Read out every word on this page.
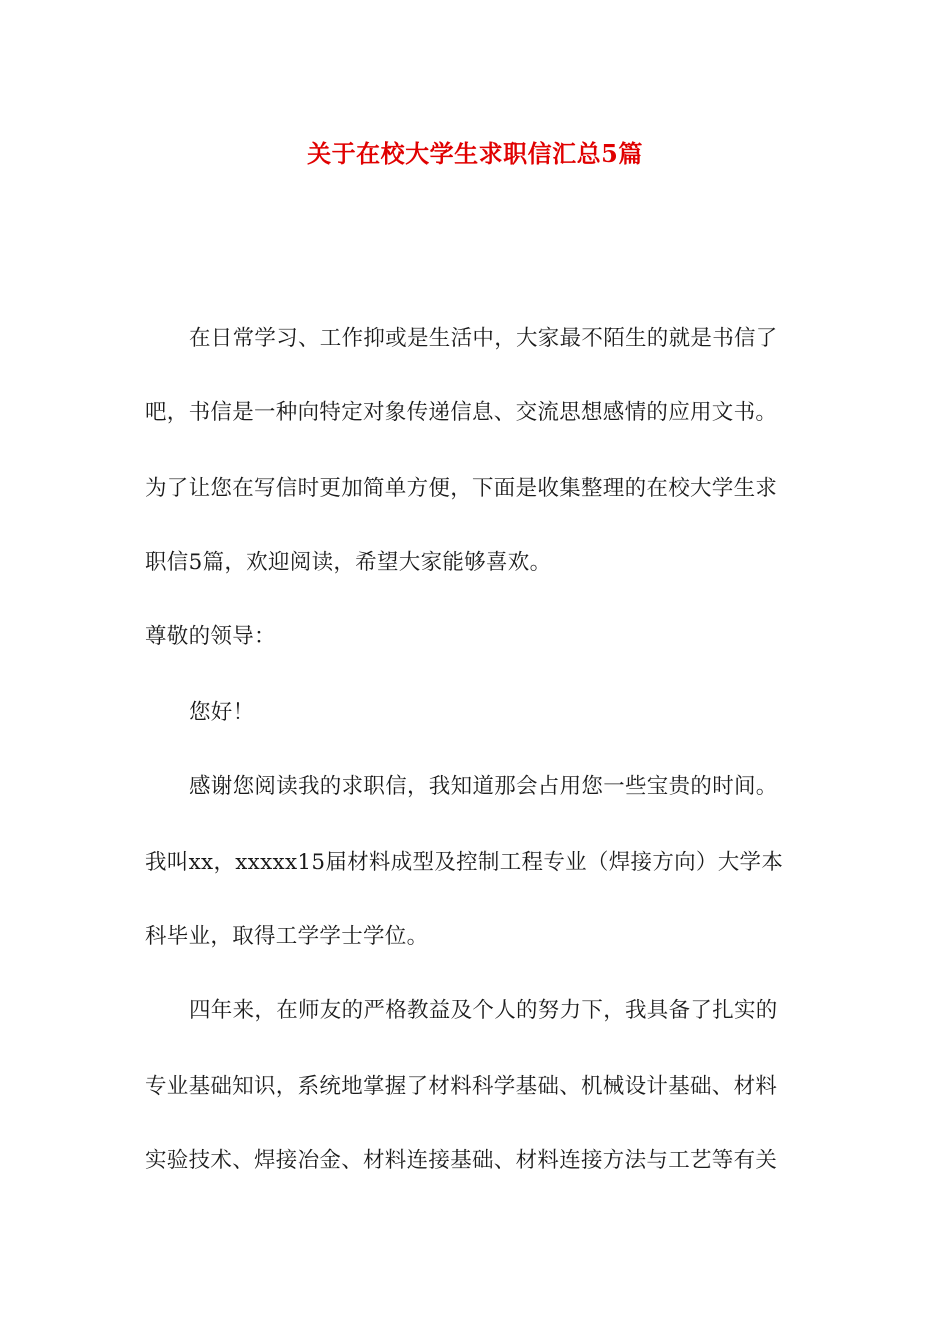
关于在校大学生求职信汇总5篇
在日常学习、工作抑或是生活中，大家最不陌生的就是书信了
吧，书信是一种向特定对象传递信息、交流思想感情的应用文书。
为了让您在写信时更加简单方便，下面是收集整理的在校大学生求
职信5篇，欢迎阅读，希望大家能够喜欢。
尊敬的领导：
您好！
感谢您阅读我的求职信，我知道那会占用您一些宝贵的时间。
我叫xx，xxxxx15届材料成型及控制工程专业（焊接方向）大学本
科毕业，取得工学学士学位。
四年来，在师友的严格教益及个人的努力下，我具备了扎实的
专业基础知识，系统地掌握了材料科学基础、机械设计基础、材料
实验技术、焊接冶金、材料连接基础、材料连接方法与工艺等有关
